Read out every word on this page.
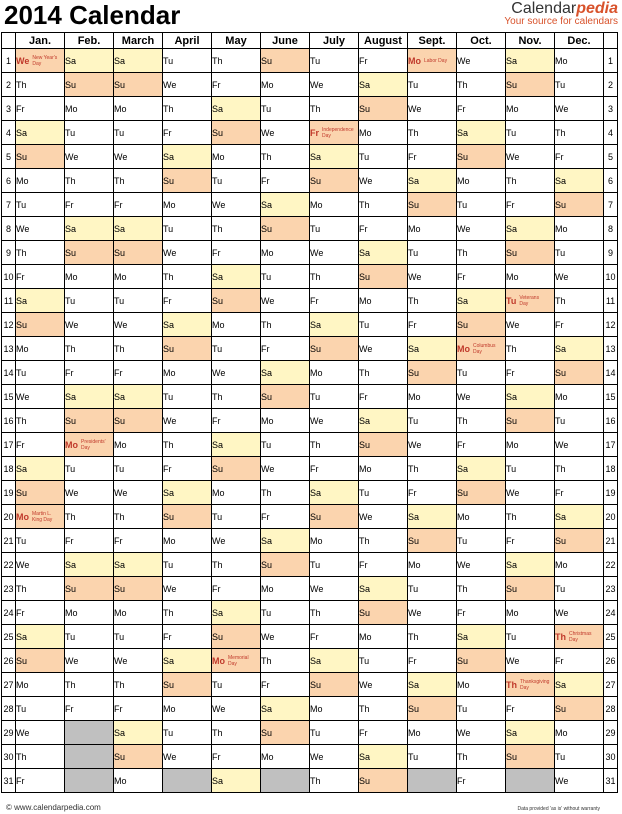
2014 Calendar	Calendarpedia
Your source for calendars
	Jan.	Feb.	March	April	May	June	July	August	Sept.	Oct.	Nov.	Dec.	
1	We New Year's Day	Sa	Sa	Tu	Th	Su	Tu	Fr	Mo Labor Day	We	Sa	Mo	1
2	Th	Su	Su	We	Fr	Mo	We	Sa	Tu	Th	Su	Tu	2
3	Fr	Mo	Mo	Th	Sa	Tu	Th	Su	We	Fr	Mo	We	3
4	Sa	Tu	Tu	Fr	Su	We	Fr Independence Day	Mo	Th	Sa	Tu	Th	4
5	Su	We	We	Sa	Mo	Th	Sa	Tu	Fr	Su	We	Fr	5
6	Mo	Th	Th	Su	Tu	Fr	Su	We	Sa	Mo	Th	Sa	6
7	Tu	Fr	Fr	Mo	We	Sa	Mo	Th	Su	Tu	Fr	Su	7
8	We	Sa	Sa	Tu	Th	Su	Tu	Fr	Mo	We	Sa	Mo	8
9	Th	Su	Su	We	Fr	Mo	We	Sa	Tu	Th	Su	Tu	9
10	Fr	Mo	Mo	Th	Sa	Tu	Th	Su	We	Fr	Mo	We	10
11	Sa	Tu	Tu	Fr	Su	We	Fr	Mo	Th	Sa	Tu Veterans Day	Th	11
12	Su	We	We	Sa	Mo	Th	Sa	Tu	Fr	Su	We	Fr	12
13	Mo	Th	Th	Su	Tu	Fr	Su	We	Sa	Mo Columbus Day	Th	Sa	13
14	Tu	Fr	Fr	Mo	We	Sa	Mo	Th	Su	Tu	Fr	Su	14
15	We	Sa	Sa	Tu	Th	Su	Tu	Fr	Mo	We	Sa	Mo	15
16	Th	Su	Su	We	Fr	Mo	We	Sa	Tu	Th	Su	Tu	16
17	Fr	Mo Presidents' Day	Mo	Th	Sa	Tu	Th	Su	We	Fr	Mo	We	17
18	Sa	Tu	Tu	Fr	Su	We	Fr	Mo	Th	Sa	Tu	Th	18
19	Su	We	We	Sa	Mo	Th	Sa	Tu	Fr	Su	We	Fr	19
20	Mo Martin L. King Day	Th	Th	Su	Tu	Fr	Su	We	Sa	Mo	Th	Sa	20
21	Tu	Fr	Fr	Mo	We	Sa	Mo	Th	Su	Tu	Fr	Su	21
22	We	Sa	Sa	Tu	Th	Su	Tu	Fr	Mo	We	Sa	Mo	22
23	Th	Su	Su	We	Fr	Mo	We	Sa	Tu	Th	Su	Tu	23
24	Fr	Mo	Mo	Th	Sa	Tu	Th	Su	We	Fr	Mo	We	24
25	Sa	Tu	Tu	Fr	Su	We	Fr	Mo	Th	Sa	Tu	Th Christmas Day	25
26	Su	We	We	Sa	Mo Memorial Day	Th	Sa	Tu	Fr	Su	We	Fr	26
27	Mo	Th	Th	Su	Tu	Fr	Su	We	Sa	Mo	Th Thanksgiving Day	Sa	27
28	Tu	Fr	Fr	Mo	We	Sa	Mo	Th	Su	Tu	Fr	Su	28
29	We		Sa	Tu	Th	Su	Tu	Fr	Mo	We	Sa	Mo	29
30	Th		Su	We	Fr	Mo	We	Sa	Tu	Th	Su	Tu	30
31	Fr		Mo		Sa		Th	Su		Fr		We	31
© www.calendarpedia.com	Data provided 'as is' without warranty
